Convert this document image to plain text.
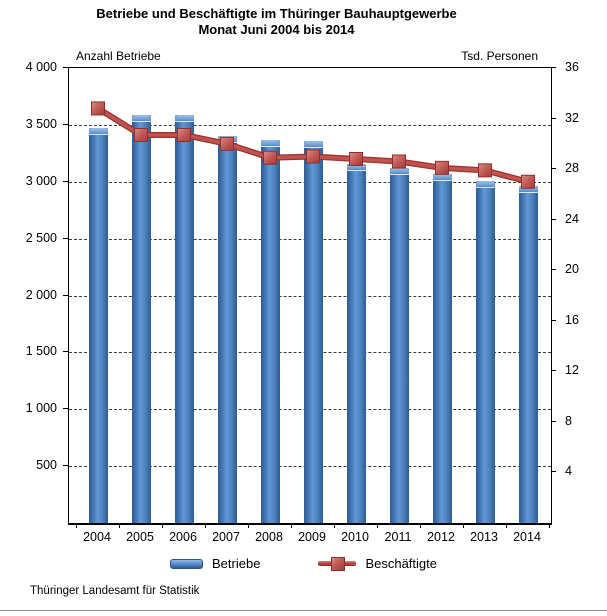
Betriebe und Beschäftigte im Thüringer Bauhauptgewerbe
Monat Juni 2004 bis 2014
Anzahl Betriebe	Tsd. Personen
4 000
3 500
3 000
2 500
2 000
1 500
1 000
500
36
32
28
24
20
16
12
8
4
Betriebe	Beschäftigte
Thüringer Landesamt für Statistik
2004	2005	2006	2007	2008	2009	2010	2011	2012	2013	2014
